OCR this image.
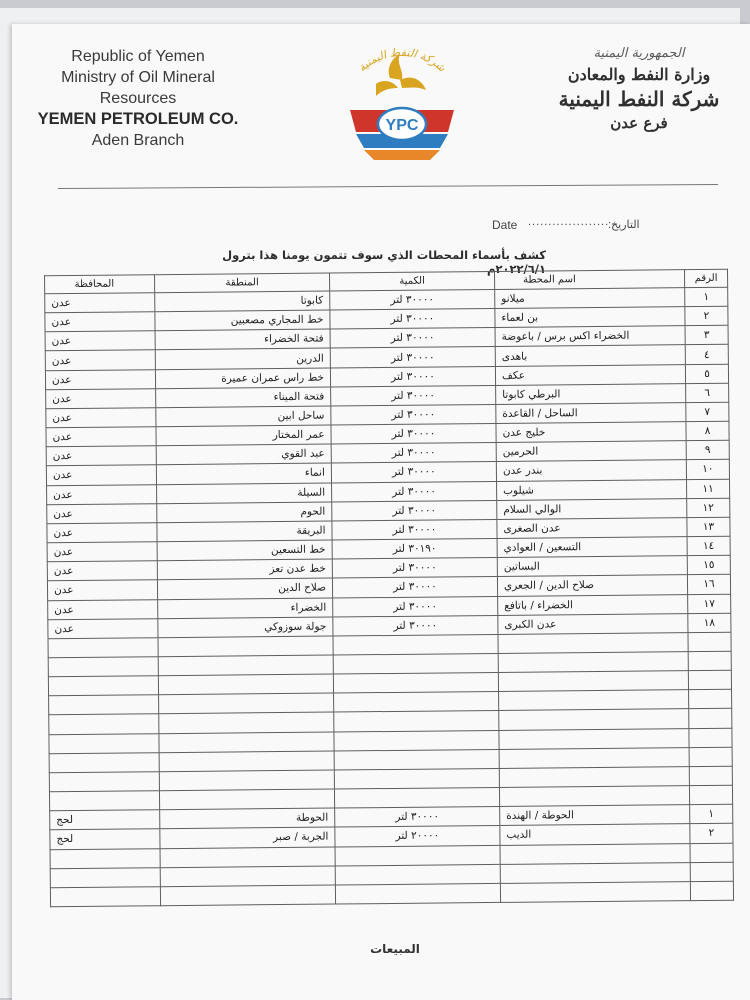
Republic of Yemen
Ministry of Oil Mineral Resources
YEMEN PETROLEUM CO.
Aden Branch
شركة النفط اليمنية
YPC
الجمهورية اليمنية
وزارة النفط والمعادن
شركة النفط اليمنية
فرع عدن
Date ....................
التاريخ:
كشف بأسماء المحطات الذي سوف تتمون يومنا هذا بترول ٢٠٢٢/٦/١م
الرقم	اسم المحطة	الكمية	المنطقة	المحافظة
١	ميلانو	٣٠٠٠٠ لتر	كابوتا	عدن
٢	بن لعماء	٣٠٠٠٠ لتر	خط المجاري مصعبين	عدن
٣	الخضراء اكس برس / باعوضة	٣٠٠٠٠ لتر	فتحة الخضراء	عدن
٤	باهدى	٣٠٠٠٠ لتر	الدرين	عدن
٥	عكف	٣٠٠٠٠ لتر	خط راس عمران عميرة	عدن
٦	البرطي كابوتا	٣٠٠٠٠ لتر	فتحة الميناء	عدن
٧	الساحل / القاعدة	٣٠٠٠٠ لتر	ساحل ابين	عدن
٨	خليج عدن	٣٠٠٠٠ لتر	عمر المختار	عدن
٩	الحرمين	٣٠٠٠٠ لتر	عبد القوي	عدن
١٠	بندر عدن	٣٠٠٠٠ لتر	انماء	عدن
١١	شيلوب	٣٠٠٠٠ لتر	السيلة	عدن
١٢	الوالي السلام	٣٠٠٠٠ لتر	الحوم	عدن
١٣	عدن الصغرى	٣٠٠٠٠ لتر	البريقة	عدن
١٤	التسعين / العوادي	٣٠١٩٠ لتر	خط التسعين	عدن
١٥	البساتين	٣٠٠٠٠ لتر	خط عدن تعز	عدن
١٦	صلاح الدين / الجعري	٣٠٠٠٠ لتر	صلاح الدين	عدن
١٧	الخضراء / باتافع	٣٠٠٠٠ لتر	الخضراء	عدن
١٨	عدن الكبرى	٣٠٠٠٠ لتر	جولة سوزوكي	عدن

١	الحوطة / الهندة	٣٠٠٠٠ لتر	الحوطة	لحج
٢	الديب	٢٠٠٠٠ لتر	الجربة / صبر	لحج

المبيعات
